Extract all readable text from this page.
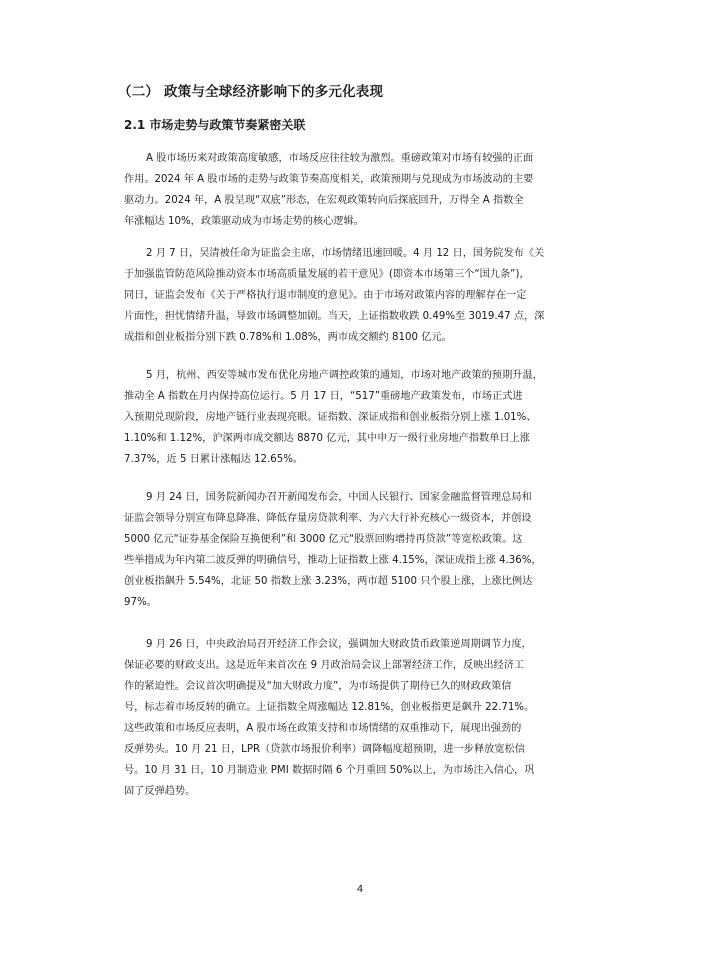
（二） 政策与全球经济影响下的多元化表现
2.1 市场走势与政策节奏紧密关联
A 股市场历来对政策高度敏感，市场反应往往较为激烈。重磅政策对市场有较强的正面
作用。2024 年 A 股市场的走势与政策节奏高度相关，政策预期与兑现成为市场波动的主要
驱动力。2024 年，A 股呈现“双底”形态，在宏观政策转向后探底回升，万得全 A 指数全
年涨幅达 10%，政策驱动成为市场走势的核心逻辑。
2 月 7 日，吴清被任命为证监会主席，市场情绪迅速回暖。4 月 12 日，国务院发布《关
于加强监管防范风险推动资本市场高质量发展的若干意见》(即资本市场第三个“国九条”)，
同日，证监会发布《关于严格执行退市制度的意见》。由于市场对政策内容的理解存在一定
片面性，担忧情绪升温，导致市场调整加剧。当天，上证指数收跌 0.49%至 3019.47 点，深
成指和创业板指分别下跌 0.78%和 1.08%，两市成交额约 8100 亿元。
5 月，杭州、西安等城市发布优化房地产调控政策的通知，市场对地产政策的预期升温，
推动全 A 指数在月内保持高位运行。5 月 17 日，“517”重磅地产政策发布，市场正式进
入预期兑现阶段，房地产链行业表现亮眼。证指数、深证成指和创业板指分别上涨 1.01%、
1.10%和 1.12%，沪深两市成交额达 8870 亿元，其中申万一级行业房地产指数单日上涨
7.37%，近 5 日累计涨幅达 12.65%。
9 月 24 日，国务院新闻办召开新闻发布会，中国人民银行、国家金融监督管理总局和
证监会领导分别宣布降息降准、降低存量房贷款利率、为六大行补充核心一级资本，并创设
5000 亿元“证券基金保险互换便利”和 3000 亿元“股票回购增持再贷款”等宽松政策。这
些举措成为年内第二波反弹的明确信号，推动上证指数上涨 4.15%，深证成指上涨 4.36%，
创业板指飙升 5.54%，北证 50 指数上涨 3.23%，两市超 5100 只个股上涨，上涨比例达
97%。
9 月 26 日，中央政治局召开经济工作会议，强调加大财政货币政策逆周期调节力度，
保证必要的财政支出。这是近年来首次在 9 月政治局会议上部署经济工作，反映出经济工
作的紧迫性。会议首次明确提及“加大财政力度”，为市场提供了期待已久的财政政策信
号，标志着市场反转的确立。上证指数全周涨幅达 12.81%，创业板指更是飙升 22.71%。
这些政策和市场反应表明，A 股市场在政策支持和市场情绪的双重推动下，展现出强劲的
反弹势头。10 月 21 日，LPR（贷款市场报价利率）调降幅度超预期，进一步释放宽松信
号。10 月 31 日，10 月制造业 PMI 数据时隔 6 个月重回 50%以上，为市场注入信心，巩
固了反弹趋势。
4
